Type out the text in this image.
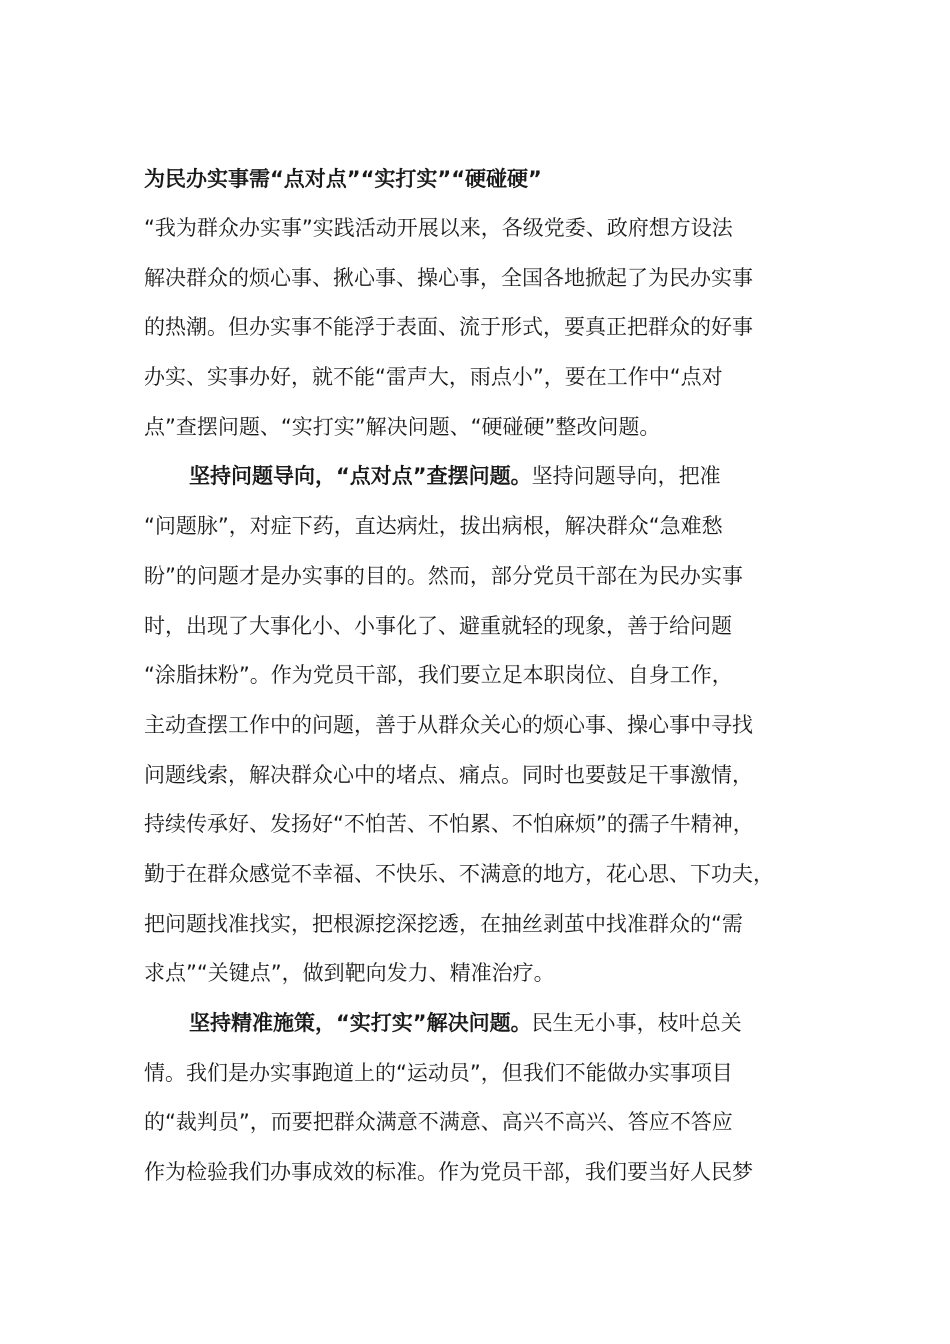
为民办实事需“点对点”“实打实”“硬碰硬”
“我为群众办实事”实践活动开展以来，各级党委、政府想方设法
解决群众的烦心事、揪心事、操心事，全国各地掀起了为民办实事
的热潮。但办实事不能浮于表面、流于形式，要真正把群众的好事
办实、实事办好，就不能“雷声大，雨点小”，要在工作中“点对
点”查摆问题、“实打实”解决问题、“硬碰硬”整改问题。
坚持问题导向，“点对点”查摆问题。坚持问题导向，把准
“问题脉”，对症下药，直达病灶，拔出病根，解决群众“急难愁
盼”的问题才是办实事的目的。然而，部分党员干部在为民办实事
时，出现了大事化小、小事化了、避重就轻的现象，善于给问题
“涂脂抹粉”。作为党员干部，我们要立足本职岗位、自身工作，
主动查摆工作中的问题，善于从群众关心的烦心事、操心事中寻找
问题线索，解决群众心中的堵点、痛点。同时也要鼓足干事激情，
持续传承好、发扬好“不怕苦、不怕累、不怕麻烦”的孺子牛精神，
勤于在群众感觉不幸福、不快乐、不满意的地方，花心思、下功夫，
把问题找准找实，把根源挖深挖透，在抽丝剥茧中找准群众的“需
求点”“关键点”，做到靶向发力、精准治疗。
坚持精准施策，“实打实”解决问题。民生无小事，枝叶总关
情。我们是办实事跑道上的“运动员”，但我们不能做办实事项目
的“裁判员”，而要把群众满意不满意、高兴不高兴、答应不答应
作为检验我们办事成效的标准。作为党员干部，我们要当好人民梦
